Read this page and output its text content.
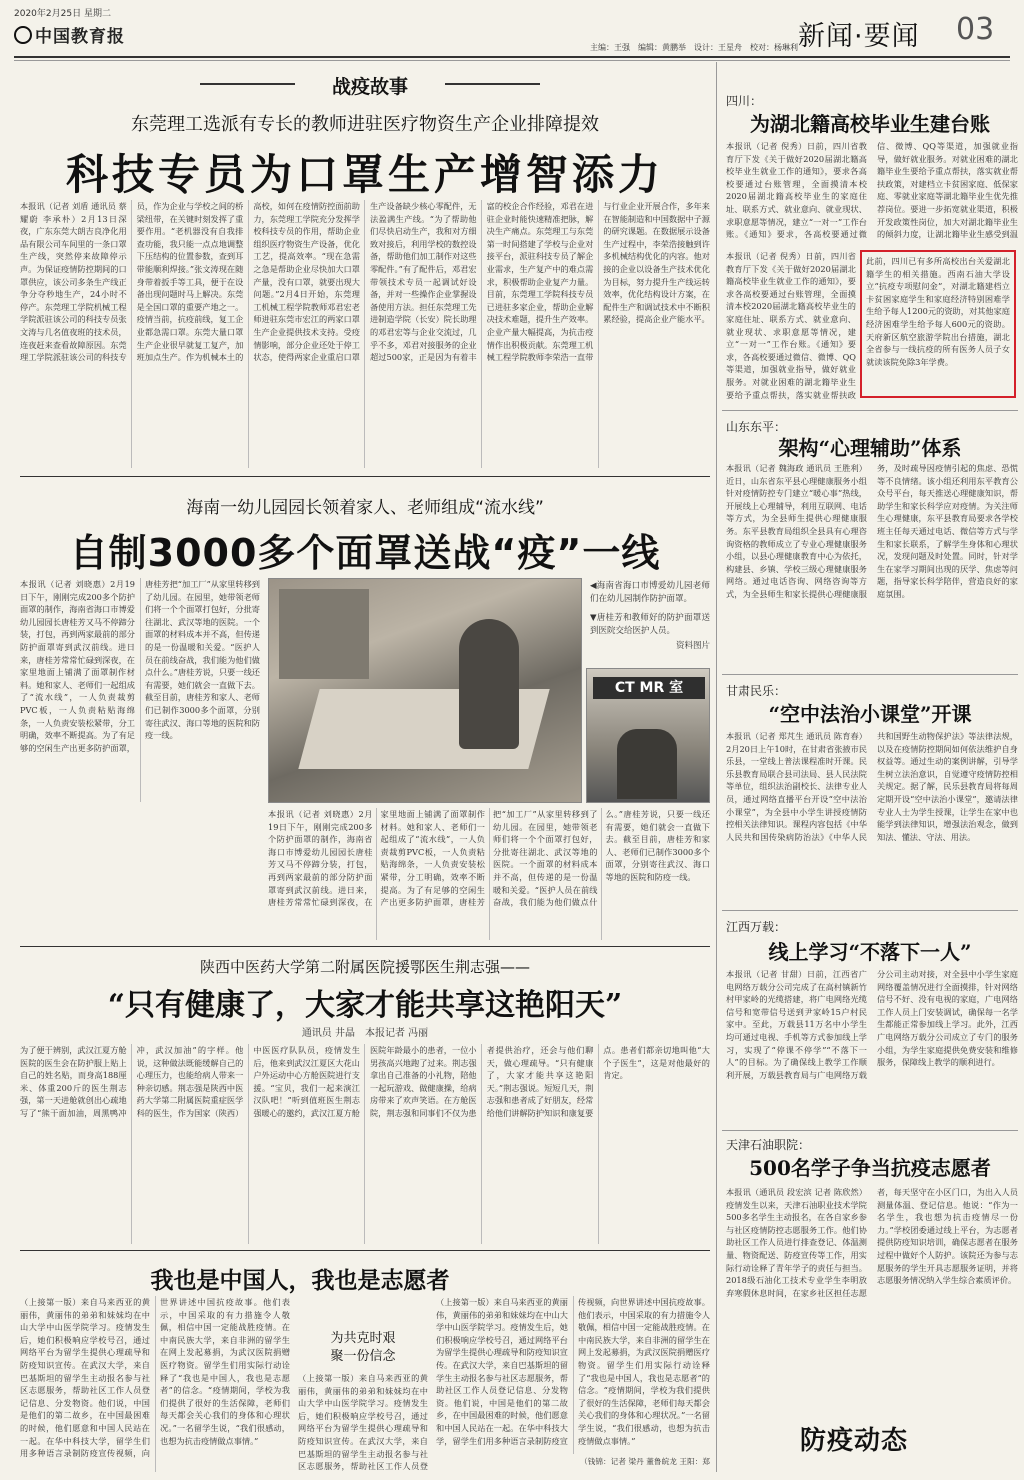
2020年2月25日 星期二
中国教育报
主编：王强　编辑：黄鹏举　设计：王星舟　校对：杨琳利 新闻·要闻 03
战疫故事
东莞理工选派有专长的教师进驻医疗物资生产企业排障提效
科技专员为口罩生产增智添力
本报讯（记者 刘盾 通讯员 蔡耀蔚 李承朴）2月13日深夜，广东东莞大朗吉良净化用品有限公司车间里的一条口罩生产线，突然停来故障停示声。为保证疫情防控期间的口罩供应，该公司多条生产线正争分夺秒地生产，24小时不停产。东莞理工学院机械工程学院派驻该公司的科技专员张文涛与几名值夜班的技术员，连夜赶来查看故障原因。东莞理工学院派驻该公司的科技专员，作为企业与学校之间的桥梁纽带，在关键时刻发挥了重要作用。“老机器没有自我排查功能，我只能一点点地调整下压结构的位置参数，查到耳带能顺利焊接。”张文涛现在随身带着扳手等工具，便于在设备出现问题时马上解决。东莞是全国口罩的重要产地之一。疫情当前，抗疫前线，复工企业都急需口罩。东莞大量口罩生产企业很早就复工复产，加班加点生产。作为机械本土的高校，如何在疫情防控面前助力，东莞理工学院充分发挥学校科技专员的作用，帮助企业组织医疗物资生产设备，优化工艺，提高效率。“现在急需之急是帮助企业尽快加大口罩产量，没有口罩，就要出现大问题。”2月4日开始，东莞理工机械工程学院教师邓君宏老师进驻东莞市宏江的两家口罩生产企业提供技术支持。受疫情影响，部分企业还处于停工状态，使得两家企业重启口罩生产设备缺少核心零配件，无法盈满生产线。“为了帮助他们尽快启动生产，我和对方细致对接后，利用学校的数控设备，帮助他们加工制作对这些零配件。”有了配件后，邓君宏带领技术专员一起调试好设备，并对一些操作企业掌握设备使用方法。担任东莞理工先进制造学院（长安）院长助理的邓君宏等与企业交流过，几乎不多，邓君对接服务的企业超过500家，正是因为有着丰富的校企合作经验，邓君在进驻企业时能快速精准把脉，解决生产痛点。东莞理工与东莞第一时间搭建了学校与企业对接平台，派驻科技专员了解企业需求，生产复产中的难点需求，积极帮助企业复产力量。目前，东莞理工学院科技专员已进驻多家企业，帮助企业解决技术难题，提升生产效率。企业产量大幅提高，为抗击疫情作出积极贡献。东莞理工机械工程学院教师李荣浩一直带与行业企业开展合作，多年来在智能制造和中国数据中子源的研究课题。在数据展示设备生产过程中，李荣浩接触到许多机械结构优化的内容。他对接的企业以设备生产技术优化为目标，努力提升生产线运转效率，优化结构设计方案，在配件生产和调试技术中不断积累经验，提高企业产能水平。
海南一幼儿园园长领着家人、老师组成“流水线”
自制3000多个面罩送战“疫”一线
本报讯（记者 刘晓惠）2月19日下午，刚刚完成200多个防护面罩的制作，海南省海口市博爱幼儿园园长唐桂芳又马不停蹄分装，打包，再到两家最前的部分防护面罩寄到武汉前线。进日来，唐桂芳常常忙碌到深夜，在家里地面上铺满了面罩制作材料。她和家人、老师们一起组成了“流水线”，一人负责裁剪PVC板，一人负责粘贴海绵条，一人负责安装松紧带，分工明确，效率不断提高。为了有足够的空闲生产出更多防护面罩，唐桂芳把“加工厂”从家里转移到了幼儿园。在园里，她带领老师们将一个个面罩打包好，分批寄往湖北、武汉等地的医院。一个面罩的材料成本并不高，但传递的是一份温暖和关爱。“医护人员在前线奋战，我们能为他们做点什么。”唐桂芳说，只要一线还有需要，她们就会一直做下去。截至目前，唐桂芳和家人、老师们已制作3000多个面罩，分别寄往武汉、海口等地的医院和防疫一线。
CT MR 室
◀海南省海口市博爱幼儿园老师们在幼儿园制作防护面罩。
▼唐桂芳和教师好的防护面罩送到医院交给医护人员。
资料图片
本报讯（记者 刘晓惠）2月19日下午，刚刚完成200多个防护面罩的制作，海南省海口市博爱幼儿园园长唐桂芳又马不停蹄分装，打包，再到两家最前的部分防护面罩寄到武汉前线。进日来，唐桂芳常常忙碌到深夜，在家里地面上铺满了面罩制作材料。她和家人、老师们一起组成了“流水线”，一人负责裁剪PVC板，一人负责粘贴海绵条，一人负责安装松紧带，分工明确，效率不断提高。为了有足够的空闲生产出更多防护面罩，唐桂芳把“加工厂”从家里转移到了幼儿园。在园里，她带领老师们将一个个面罩打包好，分批寄往湖北、武汉等地的医院。一个面罩的材料成本并不高，但传递的是一份温暖和关爱。“医护人员在前线奋战，我们能为他们做点什么。”唐桂芳说，只要一线还有需要，她们就会一直做下去。截至目前，唐桂芳和家人、老师们已制作3000多个面罩，分别寄往武汉、海口等地的医院和防疫一线。
陕西中医药大学第二附属医院援鄂医生荆志强——
“只有健康了，大家才能共享这艳阳天”
通讯员 井晶　本报记者 冯丽
为了便于辨别，武汉江夏方舱医院的医生会在防护服上贴上自己的姓名贴，而身高188厘米、体重200斤的医生荆志强，第一天进舱就创出心疏地写了“熊干面加油，周黑鸭冲冲，武汉加油”的字样。他说，这种做法既能缓解自己的心理压力，也能给病人带来一种亲切感。荆志强是陕西中医药大学第二附属医院重症医学科的医生，作为国家（陕西）中医医疗队队员，疫情发生后，他来到武汉江夏区大花山户外运动中心方舱医院进行支援。“宝贝，我们一起来演江汉队吧！”听到值班医生荆志强暖心的邀约，武汉江夏方舱医院年龄最小的患者，一位小男孩高兴地跑了过来。荆志强拿出自己准备的小礼物，陪他一起玩游戏、做健康操，给病房带来了欢声笑语。在方舱医院，荆志强和同事们不仅为患者提供治疗，还会与他们聊天，做心理疏导。“只有健康了，大家才能共享这艳阳天。”荆志强说。短短几天，荆志强和患者成了好朋友，经常给他们讲解防护知识和康复要点。患者们都亲切地叫他“大个子医生”，这是对他最好的肯定。
我也是中国人，我也是志愿者
（上接第一版）来自马来西亚的黄丽伟，黄丽伟的弟弟和妹妹均在中山大学中山医学院学习。疫情发生后，她们积极响应学校号召，通过网络平台为留学生提供心理疏导和防疫知识宣传。在武汉大学，来自巴基斯坦的留学生主动报名参与社区志愿服务，帮助社区工作人员登记信息、分发物资。他们说，中国是他们的第二故乡，在中国最困难的时候，他们愿意和中国人民站在一起。在华中科技大学，留学生们用多种语言录制防疫宣传视频，向世界讲述中国抗疫故事。他们表示，中国采取的有力措施令人敬佩，相信中国一定能战胜疫情。在中南民族大学，来自非洲的留学生在网上发起募捐，为武汉医院捐赠医疗物资。留学生们用实际行动诠释了“我也是中国人，我也是志愿者”的信念。“疫情期间，学校为我们提供了很好的生活保障，老师们每天都会关心我们的身体和心理状况。”一名留学生说，“我们很感动，也想为抗击疫情做点事情。”
为共克时艰
聚一份信念
（上接第一版）来自马来西亚的黄丽伟，黄丽伟的弟弟和妹妹均在中山大学中山医学院学习。疫情发生后，她们积极响应学校号召，通过网络平台为留学生提供心理疏导和防疫知识宣传。在武汉大学，来自巴基斯坦的留学生主动报名参与社区志愿服务，帮助社区工作人员登
（上接第一版）来自马来西亚的黄丽伟，黄丽伟的弟弟和妹妹均在中山大学中山医学院学习。疫情发生后，她们积极响应学校号召，通过网络平台为留学生提供心理疏导和防疫知识宣传。在武汉大学，来自巴基斯坦的留学生主动报名参与社区志愿服务，帮助社区工作人员登记信息、分发物资。他们说，中国是他们的第二故乡，在中国最困难的时候，他们愿意和中国人民站在一起。在华中科技大学，留学生们用多种语言录制防疫宣传视频，向世界讲述中国抗疫故事。他们表示，中国采取的有力措施令人敬佩，相信中国一定能战胜疫情。在中南民族大学，来自非洲的留学生在网上发起募捐，为武汉医院捐赠医疗物资。留学生们用实际行动诠释了“我也是中国人，我也是志愿者”的信念。“疫情期间，学校为我们提供了很好的生活保障，老师们每天都会关心我们的身体和心理状况。”一名留学生说，“我们很感动，也想为抗击疫情做点事情。”
（钱锦：记者 梁丹 董鲁皖龙 王阳：郑
四川：
为湖北籍高校毕业生建台账
本报讯（记者 倪秀）日前，四川省教育厅下发《关于做好2020届湖北籍高校毕业生就业工作的通知》，要求各高校要通过台账管理，全面摸清本校2020届湖北籍高校毕业生的家庭住址、联系方式、就业意向、就业现状、求职意愿等情况，建立“一对一”工作台账。《通知》要求，各高校要通过微信、微博、QQ等渠道，加强就业指导，做好就业服务。对就业困难的湖北籍毕业生要给予重点帮扶，落实就业帮扶政策，对建档立卡贫困家庭、低保家庭、零就业家庭等湖北籍毕业生优先推荐岗位。要进一步拓宽就业渠道，积极开发政策性岗位，加大对湖北籍毕业生的倾斜力度，让湖北籍毕业生感受到温
本报讯（记者 倪秀）日前，四川省教育厅下发《关于做好2020届湖北籍高校毕业生就业工作的通知》，要求各高校要通过台账管理，全面摸清本校2020届湖北籍高校毕业生的家庭住址、联系方式、就业意向、就业现状、求职意愿等情况，建立“一对一”工作台账。《通知》要求，各高校要通过微信、微博、QQ等渠道，加强就业指导，做好就业服务。对就业困难的湖北籍毕业生要给予重点帮扶，落实就业帮扶政
此前，四川已有多所高校出台关爱湖北籍学生的相关措施。西南石油大学设立“抗疫专项慰问金”，对湖北籍建档立卡贫困家庭学生和家庭经济特别困难学生给予每人1200元的资助，对其他家庭经济困难学生给予每人600元的资助。天府新区航空旅游学院出台措施，湖北全省参与一线抗疫的所有医务人员子女就读该院免除3年学费。
山东东平：
架构“心理辅助”体系
本报讯（记者 魏海政 通讯员 王胜利）近日，山东省东平县心理健康服务小组针对疫情防控专门建立“暖心事”热线，开展线上心理辅导，利用互联网、电话等方式，为全县师生提供心理健康服务。东平县教育局组织全县具有心理咨询资格的教师成立了专业心理健康服务小组，以县心理健康教育中心为依托，构建县、乡镇、学校三级心理健康服务网络。通过电话咨询、网络咨询等方式，为全县师生和家长提供心理健康服务，及时疏导因疫情引起的焦虑、恐慌等不良情绪。该小组还利用东平教育公众号平台，每天推送心理健康知识，帮助学生和家长科学应对疫情。为关注师生心理健康，东平县教育局要求各学校班主任每天通过电话、微信等方式与学生和家长联系，了解学生身体和心理状况，发现问题及时处置。同时，针对学生在家学习期间出现的厌学、焦虑等问题，指导家长科学陪伴，营造良好的家庭氛围。
甘肃民乐：
“空中法治小课堂”开课
本报讯（记者 郑芃生 通讯员 陈育春）2月20日上午10时，在甘肃省张掖市民乐县，一堂线上普法课程准时开课。民乐县教育局联合县司法局、县人民法院等单位，组织法治副校长、法律专业人员，通过网络直播平台开设“空中法治小课堂”，为全县中小学生讲授疫情防控相关法律知识。课程内容包括《中华人民共和国传染病防治法》《中华人民共和国野生动物保护法》等法律法规，以及在疫情防控期间如何依法维护自身权益等。通过生动的案例讲解，引导学生树立法治意识，自觉遵守疫情防控相关规定。据了解，民乐县教育局将每周定期开设“空中法治小课堂”，邀请法律专业人士为学生授课，让学生在家中也能学到法律知识，增强法治观念，做到知法、懂法、守法、用法。
江西万载：
线上学习“不落下一人”
本报讯（记者 甘甜）日前，江西省广电网络万载分公司完成了在高村镇新竹村甲家岭的光缆搭建，将广电网络光缆信号和宽带信号送到尹家岭15户村民家中。至此，万载县11万名中小学生均可通过电视、手机等方式参加线上学习，实现了“停课不停学”“不落下一人”的目标。为了确保线上教学工作顺利开展，万载县教育局与广电网络万载分公司主动对接，对全县中小学生家庭网络覆盖情况进行全面摸排，针对网络信号不好、没有电视的家庭，广电网络工作人员上门安装调试，确保每一名学生都能正常参加线上学习。此外，江西广电网络万载分公司成立了专门的服务小组，为学生家庭提供免费安装和维修服务，保障线上教学的顺利进行。
天津石油职院：
500名学子争当抗疫志愿者
本报讯（通讯员 段宏滨 记者 陈欣然）疫情发生以来，天津石油职业技术学院500多名学生主动报名，在各自家乡参与社区疫情防控志愿服务工作。他们协助社区工作人员进行排查登记、体温测量、物资配送、防疫宣传等工作，用实际行动诠释了青年学子的责任与担当。2018级石油化工技术专业学生李明放弃寒假休息时间，在家乡社区担任志愿者，每天坚守在小区门口，为出入人员测量体温、登记信息。他说：“作为一名学生，我也想为抗击疫情尽一份力。”学校团委通过线上平台，为志愿者提供防疫知识培训，确保志愿者在服务过程中做好个人防护。该院还为参与志愿服务的学生开具志愿服务证明，并将志愿服务情况纳入学生综合素质评价。
防疫动态
